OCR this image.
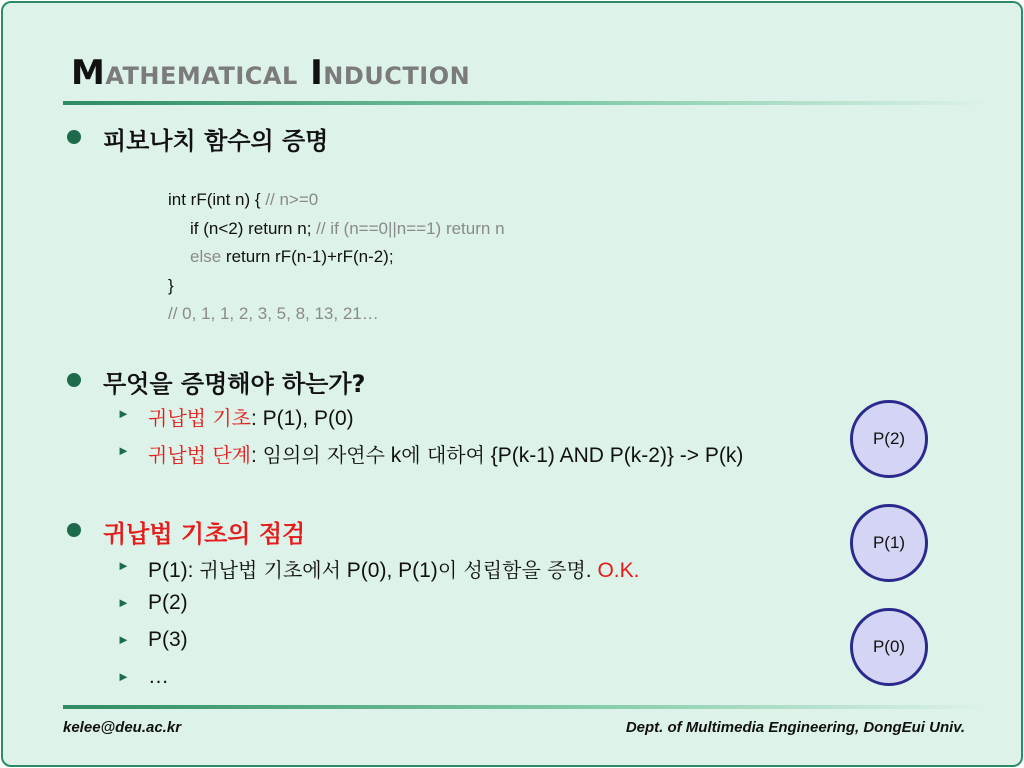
Mathematical Induction
피보나치 함수의 증명
int rF(int n) { // n>=0
if (n<2) return n; // if (n==0||n==1) return n
else return rF(n-1)+rF(n-2);
}
// 0, 1, 1, 2, 3, 5, 8, 13, 21…
무엇을 증명해야 하는가?
► 귀납법 기초: P(1), P(0)
► 귀납법 단계: 임의의 자연수 k에 대하여 {P(k-1) AND P(k-2)} -> P(k)
귀납법 기초의 점검
► P(1): 귀납법 기초에서 P(0), P(1)이 성립함을 증명. O.K.
► P(2)
► P(3)
► …
P(2)
P(1)
P(0)
kelee@deu.ac.kr	Dept. of Multimedia Engineering, DongEui Univ.
